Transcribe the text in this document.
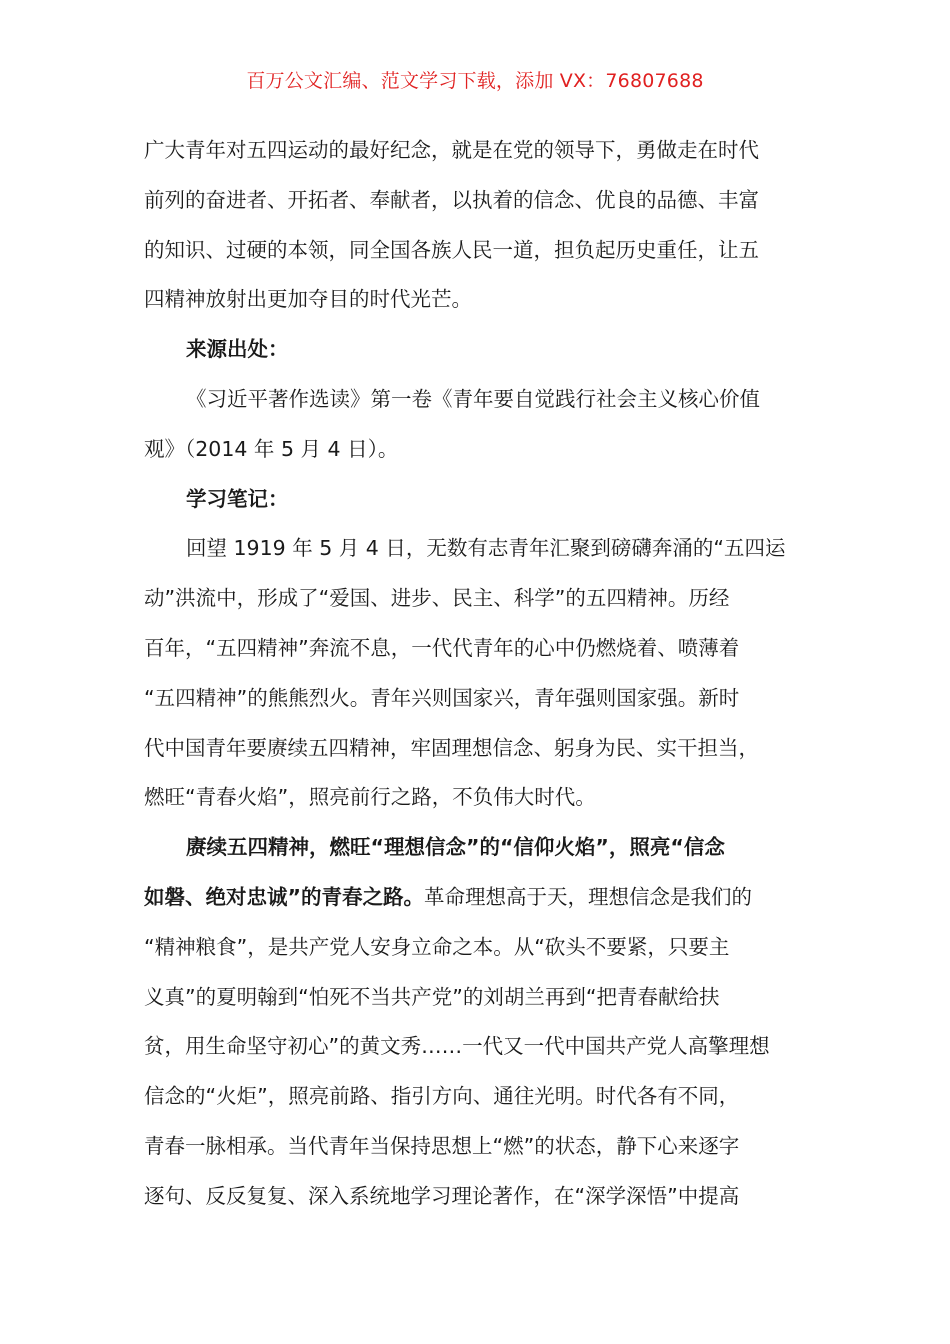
百万公文汇编、范文学习下载，添加 VX：76807688
广大青年对五四运动的最好纪念，就是在党的领导下，勇做走在时代
前列的奋进者、开拓者、奉献者，以执着的信念、优良的品德、丰富
的知识、过硬的本领，同全国各族人民一道，担负起历史重任，让五
四精神放射出更加夺目的时代光芒。
来源出处：
《习近平著作选读》第一卷《青年要自觉践行社会主义核心价值
观》（2014 年 5 月 4 日）。
学习笔记：
回望 1919 年 5 月 4 日，无数有志青年汇聚到磅礴奔涌的“五四运
动”洪流中，形成了“爱国、进步、民主、科学”的五四精神。历经
百年，“五四精神”奔流不息，一代代青年的心中仍燃烧着、喷薄着
“五四精神”的熊熊烈火。青年兴则国家兴，青年强则国家强。新时
代中国青年要赓续五四精神，牢固理想信念、躬身为民、实干担当，
燃旺“青春火焰”，照亮前行之路，不负伟大时代。
赓续五四精神，燃旺“理想信念”的“信仰火焰”，照亮“信念
如磐、绝对忠诚”的青春之路。革命理想高于天，理想信念是我们的
“精神粮食”，是共产党人安身立命之本。从“砍头不要紧，只要主
义真”的夏明翰到“怕死不当共产党”的刘胡兰再到“把青春献给扶
贫，用生命坚守初心”的黄文秀……一代又一代中国共产党人高擎理想
信念的“火炬”，照亮前路、指引方向、通往光明。时代各有不同，
青春一脉相承。当代青年当保持思想上“燃”的状态，静下心来逐字
逐句、反反复复、深入系统地学习理论著作，在“深学深悟”中提高
